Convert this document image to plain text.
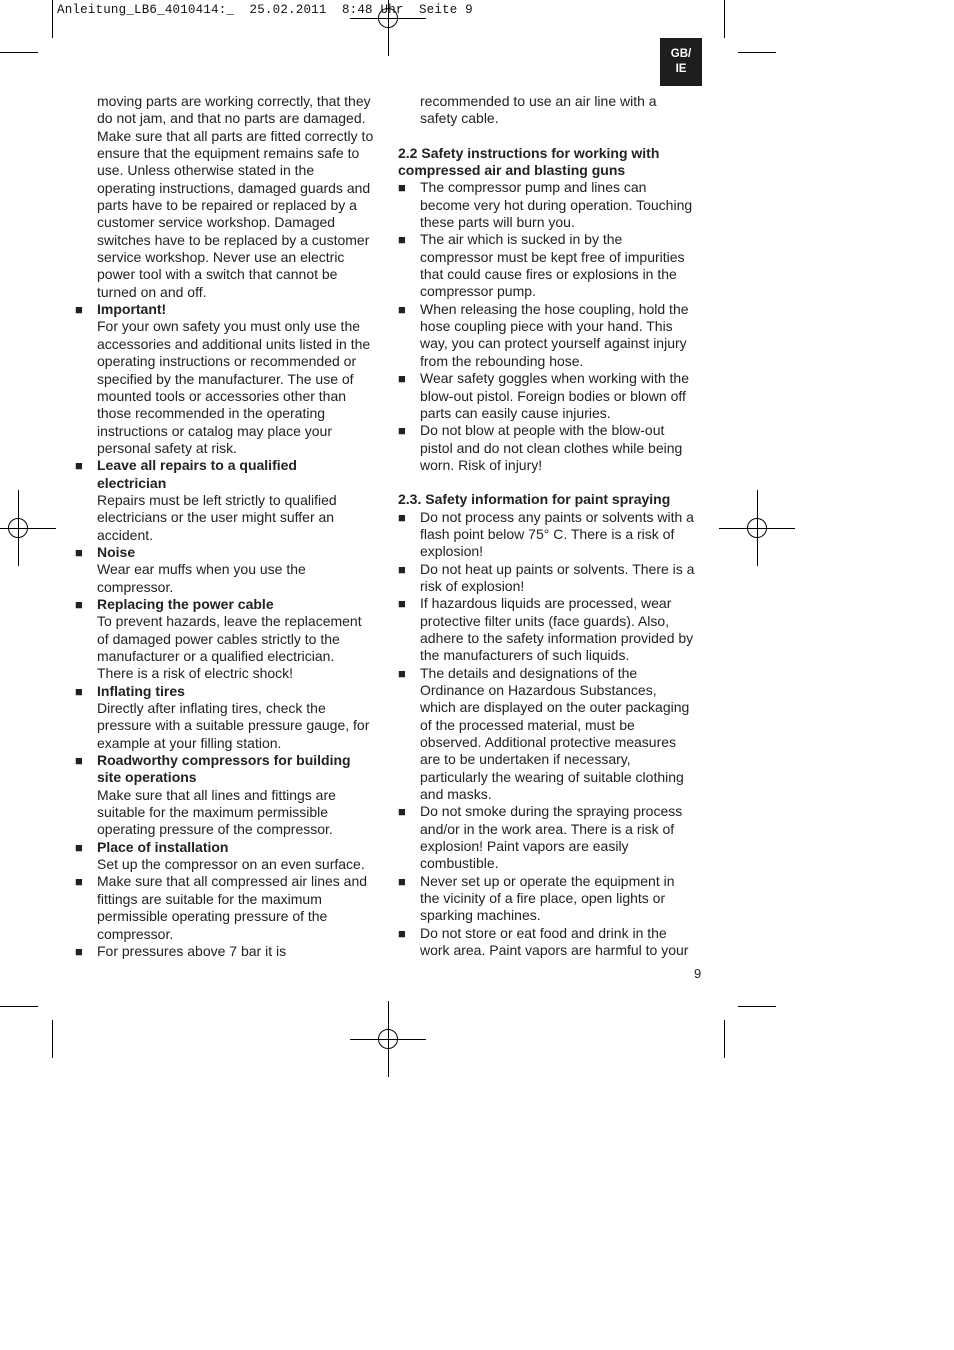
Anleitung_LB6_4010414:_  25.02.2011  8:48 Uhr  Seite 9
GB/
IE
moving parts are working correctly, that they
do not jam, and that no parts are damaged.
Make sure that all parts are fitted correctly to
ensure that the equipment remains safe to
use. Unless otherwise stated in the
operating instructions, damaged guards and
parts have to be repaired or replaced by a
customer service workshop. Damaged
switches have to be replaced by a customer
service workshop. Never use an electric
power tool with a switch that cannot be
turned on and off.
■ Important!
For your own safety you must only use the
accessories and additional units listed in the
operating instructions or recommended or
specified by the manufacturer. The use of
mounted tools or accessories other than
those recommended in the operating
instructions or catalog may place your
personal safety at risk.
■ Leave all repairs to a qualified
electrician
Repairs must be left strictly to qualified
electricians or the user might suffer an
accident.
■ Noise
Wear ear muffs when you use the
compressor.
■ Replacing the power cable
To prevent hazards, leave the replacement
of damaged power cables strictly to the
manufacturer or a qualified electrician.
There is a risk of electric shock!
■ Inflating tires
Directly after inflating tires, check the
pressure with a suitable pressure gauge, for
example at your filling station.
■ Roadworthy compressors for building
site operations
Make sure that all lines and fittings are
suitable for the maximum permissible
operating pressure of the compressor.
■ Place of installation
Set up the compressor on an even surface.
■ Make sure that all compressed air lines and
fittings are suitable for the maximum
permissible operating pressure of the
compressor.
■ For pressures above 7 bar it is
recommended to use an air line with a
safety cable.
2.2 Safety instructions for working with
compressed air and blasting guns
■ The compressor pump and lines can
become very hot during operation. Touching
these parts will burn you.
■ The air which is sucked in by the
compressor must be kept free of impurities
that could cause fires or explosions in the
compressor pump.
■ When releasing the hose coupling, hold the
hose coupling piece with your hand. This
way, you can protect yourself against injury
from the rebounding hose.
■ Wear safety goggles when working with the
blow-out pistol. Foreign bodies or blown off
parts can easily cause injuries.
■ Do not blow at people with the blow-out
pistol and do not clean clothes while being
worn. Risk of injury!
2.3. Safety information for paint spraying
■ Do not process any paints or solvents with a
flash point below 75° C. There is a risk of
explosion!
■ Do not heat up paints or solvents. There is a
risk of explosion!
■ If hazardous liquids are processed, wear
protective filter units (face guards). Also,
adhere to the safety information provided by
the manufacturers of such liquids.
■ The details and designations of the
Ordinance on Hazardous Substances,
which are displayed on the outer packaging
of the processed material, must be
observed. Additional protective measures
are to be undertaken if necessary,
particularly the wearing of suitable clothing
and masks.
■ Do not smoke during the spraying process
and/or in the work area. There is a risk of
explosion! Paint vapors are easily
combustible.
■ Never set up or operate the equipment in
the vicinity of a fire place, open lights or
sparking machines.
■ Do not store or eat food and drink in the
work area. Paint vapors are harmful to your
9
